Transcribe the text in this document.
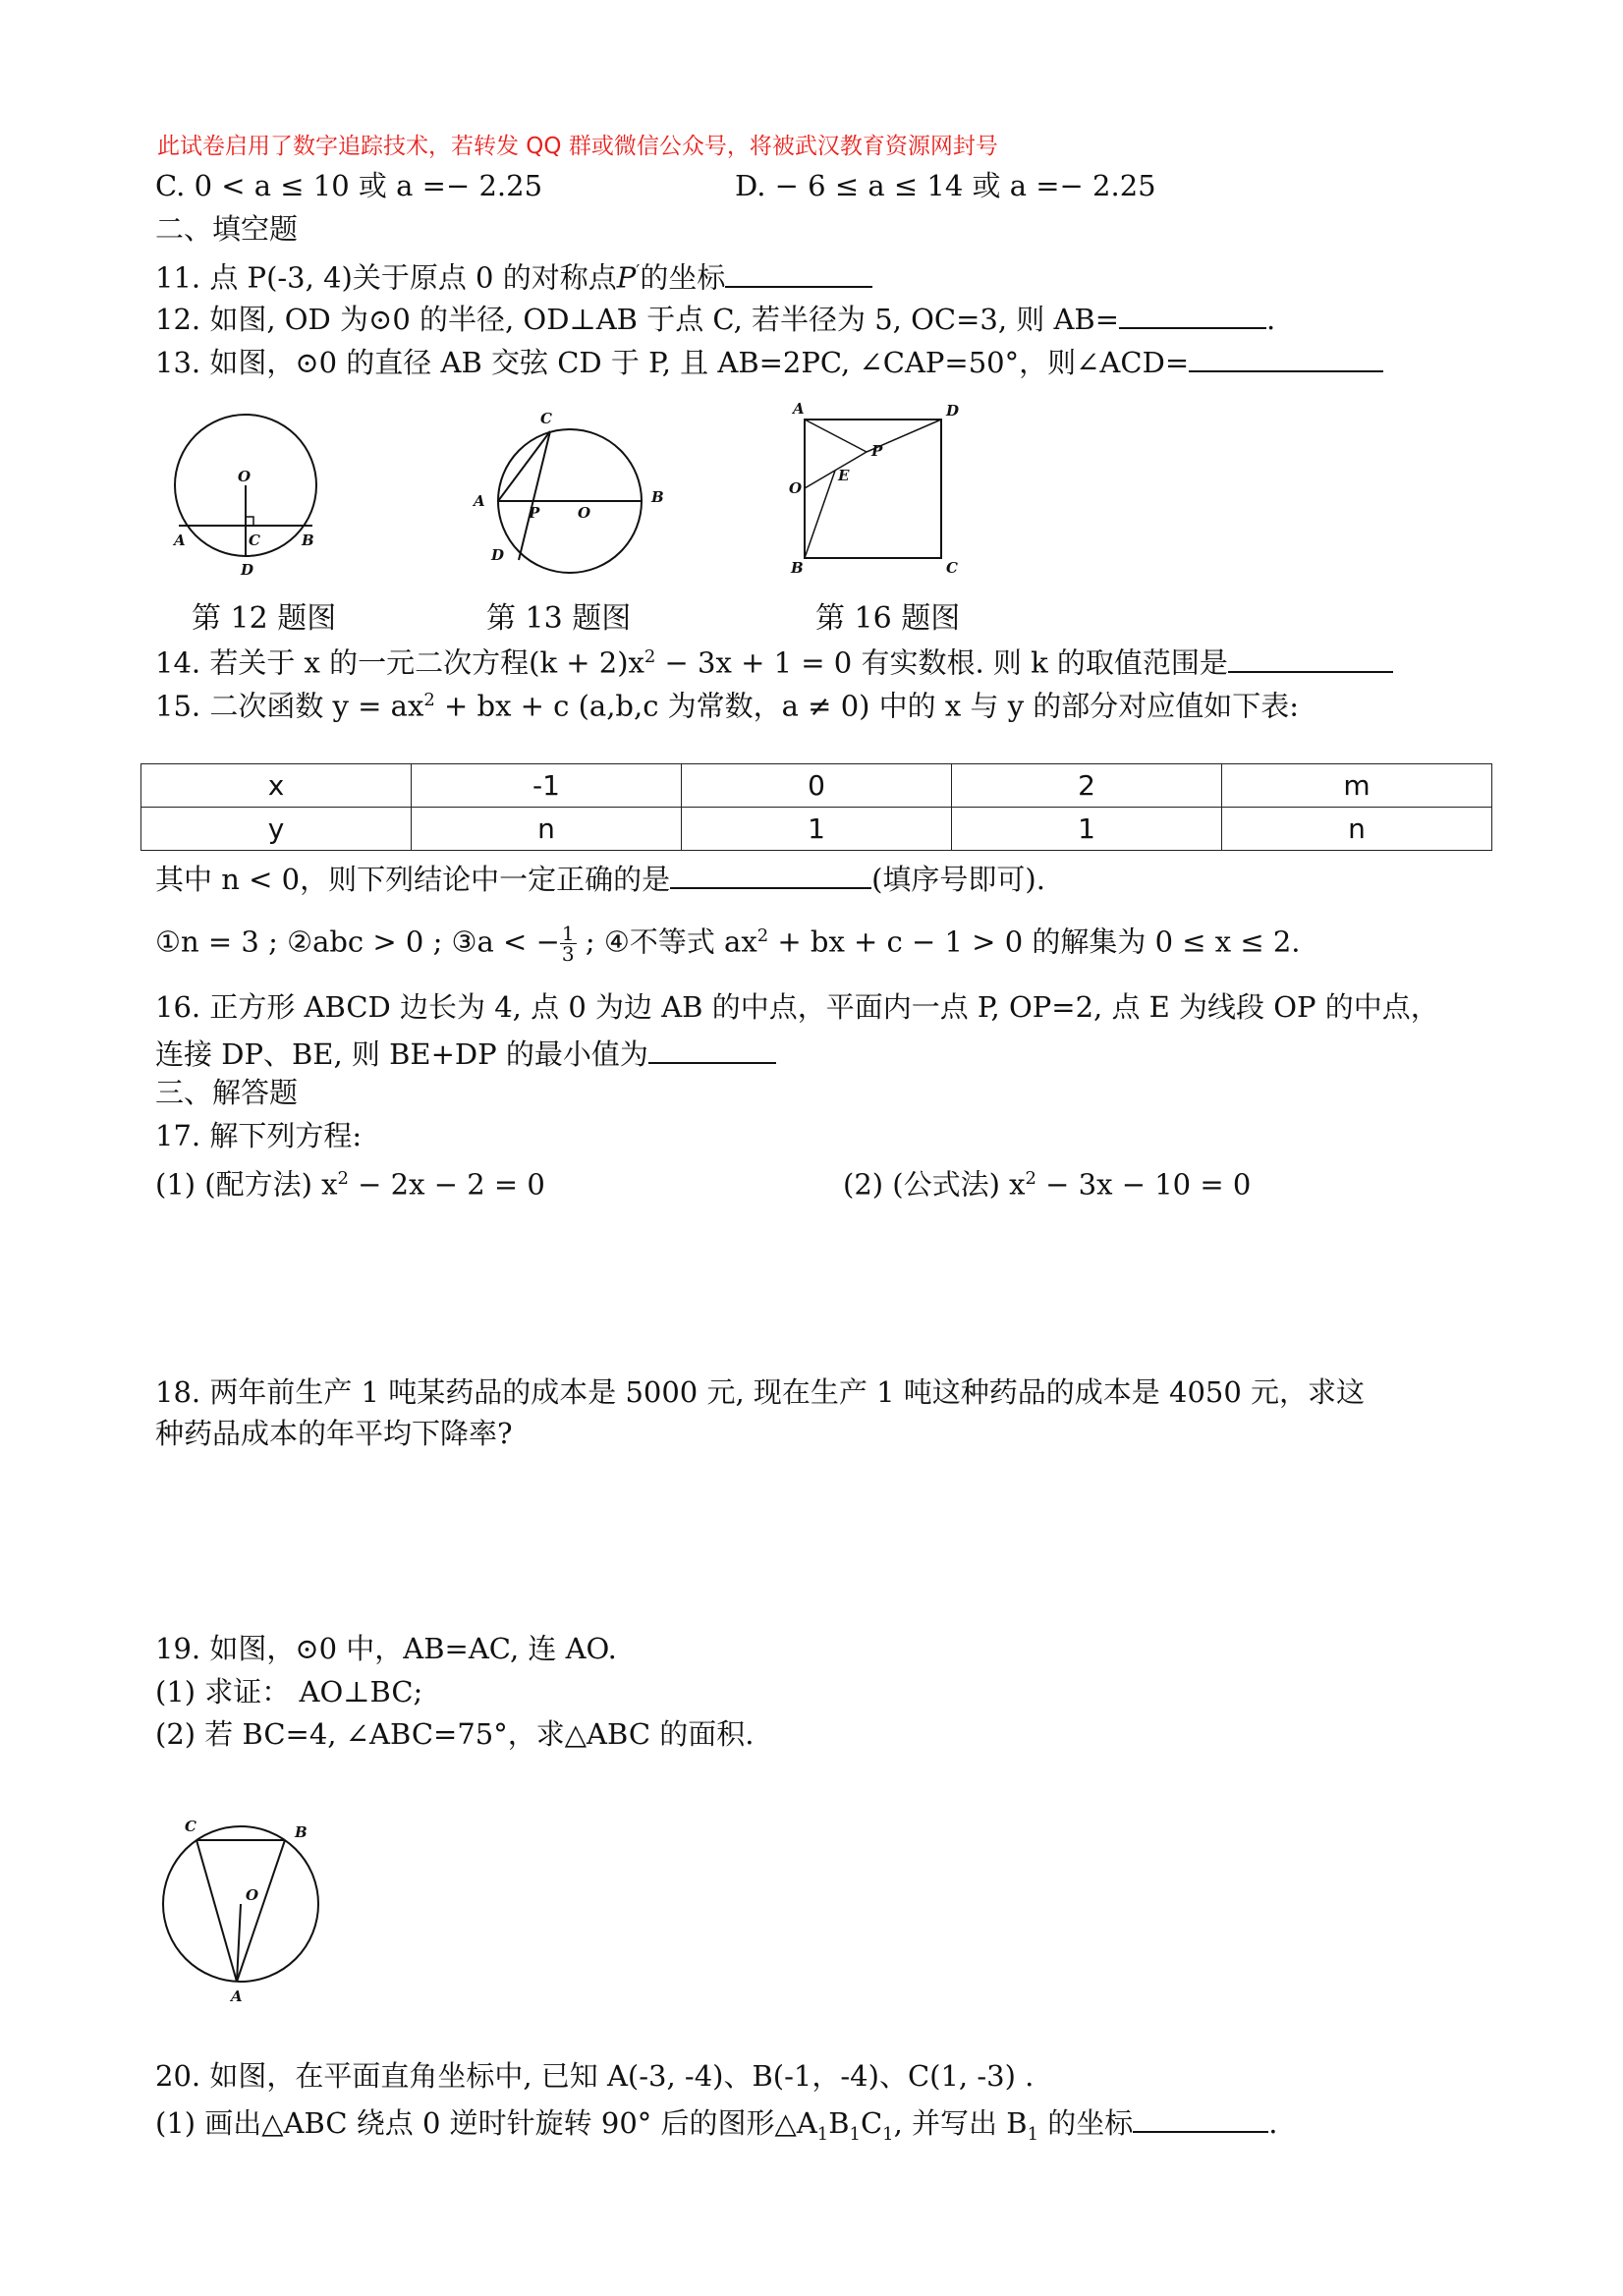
此试卷启用了数字追踪技术，若转发 QQ 群或微信公众号，将被武汉教育资源网封号
C. 0 < a ≤ 10 或 a =− 2.25	D. − 6 ≤ a ≤ 14 或 a =− 2.25
二、填空题
11. 点 P(-3, 4)关于原点 0 的对称点P′的坐标
12. 如图, OD 为⊙0 的半径, OD⊥AB 于点 C, 若半径为 5, OC=3, 则 AB=	.
13. 如图，⊙0 的直径 AB 交弦 CD 于 P, 且 AB=2PC, ∠CAP=50°，则∠ACD=
O
A	C	B
D
C
A
P	O
B
D
A	D
P
E
O
B	C
第 12 题图	第 13 题图	第 16 题图
14. 若关于 x 的一元二次方程$(k + 2)x^2 - 3x + 1 = 0$ 有实数根. 则 k 的取值范围是
15. 二次函数 $y = ax^2$ + bx + c (a,b,c 为常数，a ≠ 0) 中的 x 与 y 的部分对应值如下表:
x	-1	0	2	m
y	n	1	1	n
其中 n < 0，则下列结论中一定正确的是	(填序号即可).
①n = 3 ; ②abc > 0 ; ③a < − $\frac{1}{3}$ ; ④不等式 $ax^2$ + bx + c − 1 > 0 的解集为 0 ≤ x ≤ 2.
16. 正方形 ABCD 边长为 4, 点 0 为边 AB 的中点，平面内一点 P, OP=2, 点 E 为线段 OP 的中点，
连接 DP、BE, 则 BE+DP 的最小值为
三、解答题
17. 解下列方程:
(1) (配方法) $x^2 - 2x - 2 = 0$	(2) (公式法) $x^2 - 3x - 10 = 0$
18. 两年前生产 1 吨某药品的成本是 5000 元, 现在生产 1 吨这种药品的成本是 4050 元，求这
种药品成本的年平均下降率?
19. 如图，⊙0 中，AB=AC, 连 AO.
(1) 求证： AO⊥BC;
(2) 若 BC=4, ∠ABC=75°，求△ABC 的面积.
C	B
O
A
20. 如图，在平面直角坐标中, 已知 A(-3, -4)、B(-1，-4)、C(1, -3) .
(1) 画出△ABC 绕点 0 逆时针旋转 90° 后的图形$\triangle A_1B_1C_1$, 并写出 $B_1$ 的坐标	.
